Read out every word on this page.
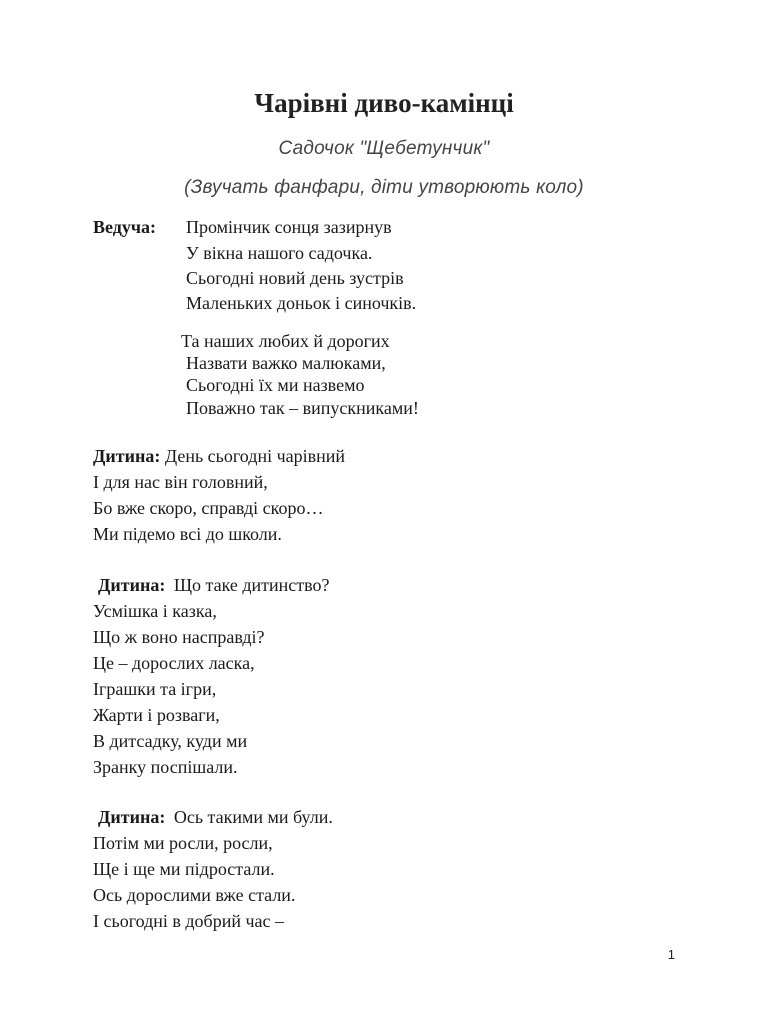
Чарівні диво-камінці
Садочок "Щебетунчик"
(Звучать фанфари, діти утворюють коло)
Ведуча: Промінчик сонця зазирнув
У вікна нашого садочка.
Сьогодні новий день зустрів
Маленьких доньок і синочків.
Та наших любих й дорогих
Назвати важко малюками,
Сьогодні їх ми назвемо
Поважно так – випускниками!
Дитина: День сьогодні чарівний
І для нас він головний,
Бо вже скоро, справді скоро…
Ми підемо всі до школи.
Дитина: Що таке дитинство?
Усмішка і казка,
Що ж воно насправді?
Це – дорослих ласка,
Іграшки та ігри,
Жарти і розваги,
В дитсадку, куди ми
Зранку поспішали.
Дитина: Ось такими ми були.
Потім ми росли, росли,
Ще і ще ми підростали.
Ось дорослими вже стали.
І сьогодні в добрий час –
1
